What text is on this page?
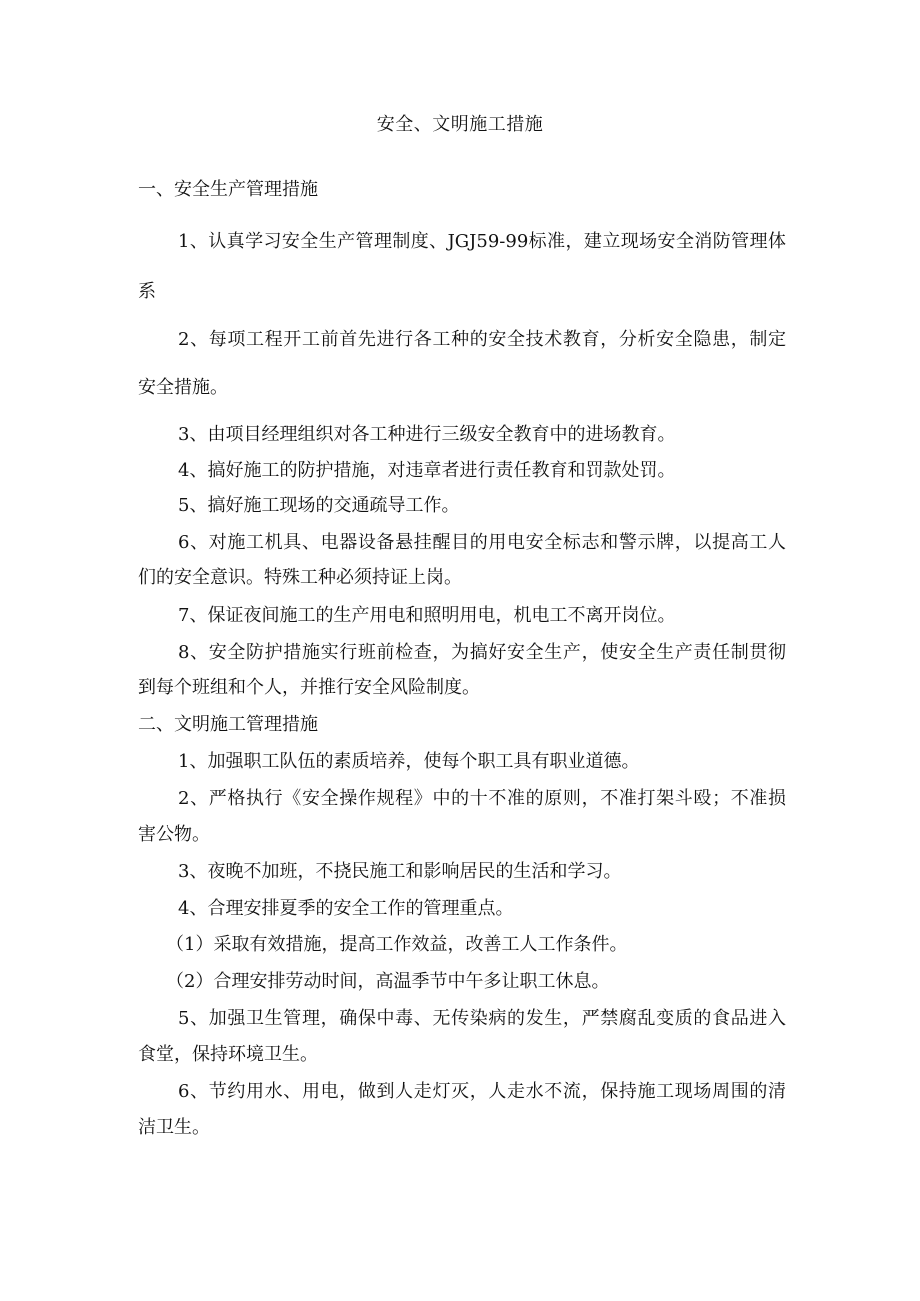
安全、文明施工措施
一、安全生产管理措施
1、认真学习安全生产管理制度、JGJ59-99标准，建立现场安全消防管理体
系
2、每项工程开工前首先进行各工种的安全技术教育，分析安全隐患，制定
安全措施。
3、由项目经理组织对各工种进行三级安全教育中的进场教育。
4、搞好施工的防护措施，对违章者进行责任教育和罚款处罚。
5、搞好施工现场的交通疏导工作。
6、对施工机具、电器设备悬挂醒目的用电安全标志和警示牌，以提高工人
们的安全意识。特殊工种必须持证上岗。
7、保证夜间施工的生产用电和照明用电，机电工不离开岗位。
8、安全防护措施实行班前检查，为搞好安全生产，使安全生产责任制贯彻
到每个班组和个人，并推行安全风险制度。
二、文明施工管理措施
1、加强职工队伍的素质培养，使每个职工具有职业道德。
2、严格执行《安全操作规程》中的十不准的原则，不准打架斗殴；不准损
害公物。
3、夜晚不加班，不挠民施工和影响居民的生活和学习。
4、合理安排夏季的安全工作的管理重点。
（1）采取有效措施，提高工作效益，改善工人工作条件。
（2）合理安排劳动时间，高温季节中午多让职工休息。
5、加强卫生管理，确保中毒、无传染病的发生，严禁腐乱变质的食品进入
食堂，保持环境卫生。
6、节约用水、用电，做到人走灯灭，人走水不流，保持施工现场周围的清
洁卫生。
